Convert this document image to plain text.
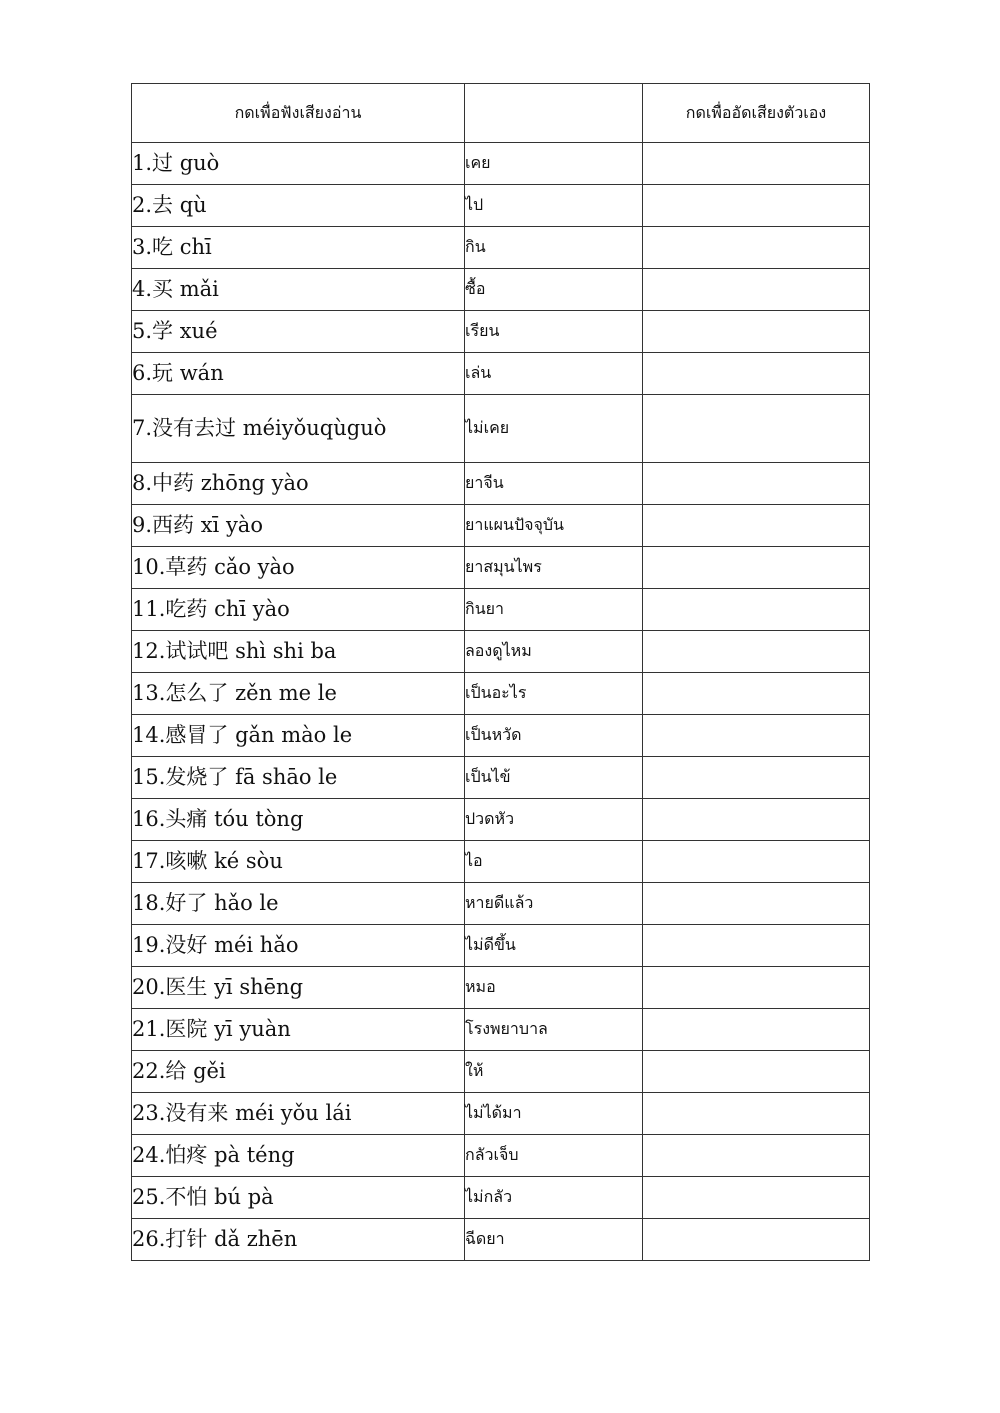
กดเพื่อฟังเสียงอ่าน		กดเพื่ออัดเสียงตัวเอง
1.过 guò	เคย	
2.去 qù	ไป	
3.吃 chī	กิน	
4.买 mǎi	ซื้อ	
5.学 xué	เรียน	
6.玩 wán	เล่น	
7.没有去过 méiyǒuqùguò	ไม่เคย	
8.中药 zhōng yào	ยาจีน	
9.西药 xī yào	ยาแผนปัจจุบัน	
10.草药 cǎo yào	ยาสมุนไพร	
11.吃药 chī yào	กินยา	
12.试试吧 shì shi ba	ลองดูไหม	
13.怎么了 zěn me le	เป็นอะไร	
14.感冒了 gǎn mào le	เป็นหวัด	
15.发烧了 fā shāo le	เป็นไข้	
16.头痛 tóu tòng	ปวดหัว	
17.咳嗽 ké sòu	ไอ	
18.好了 hǎo le	หายดีแล้ว	
19.没好 méi hǎo	ไม่ดีขึ้น	
20.医生 yī shēng	หมอ	
21.医院 yī yuàn	โรงพยาบาล	
22.给 gěi	ให้	
23.没有来 méi yǒu lái	ไม่ได้มา	
24.怕疼 pà téng	กลัวเจ็บ	
25.不怕 bú pà	ไม่กลัว	
26.打针 dǎ zhēn	ฉีดยา	
